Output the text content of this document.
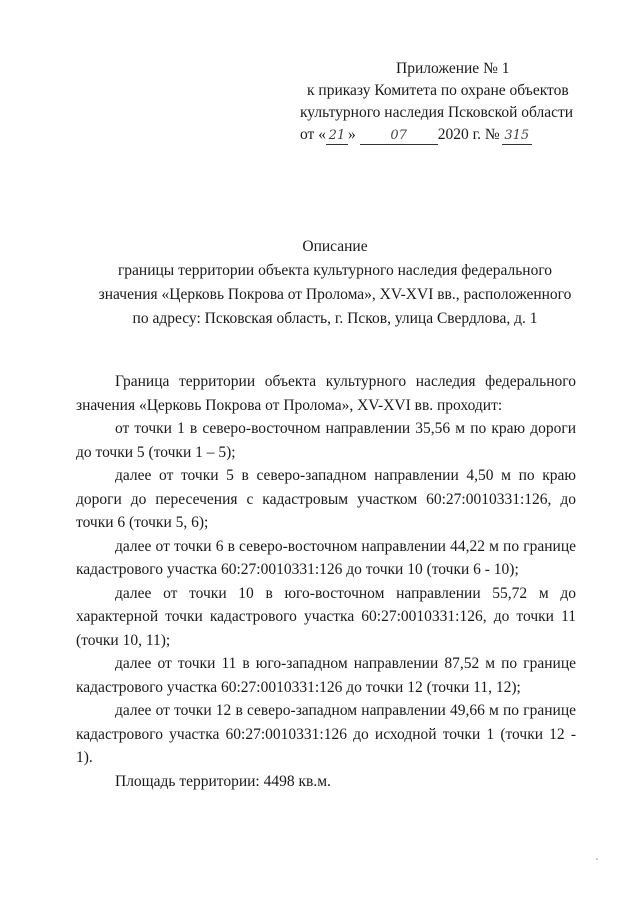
Приложение № 1
к приказу Комитета по охране объектов
культурного наследия Псковской области
от « 21 »	07 2020 г. № 315
Описание
границы территории объекта культурного наследия федерального
значения «Церковь Покрова от Пролома», XV-XVI вв., расположенного
по адресу: Псковская область, г. Псков, улица Свердлова, д. 1

Граница территории объекта культурного наследия федерального значения «Церковь Покрова от Пролома», XV-XVI вв. проходит:

от точки 1 в северо-восточном направлении 35,56 м по краю дороги до точки 5 (точки 1 – 5);

далее от точки 5 в северо-западном направлении 4,50 м по краю дороги до пересечения с кадастровым участком 60:27:0010331:126, до точки 6 (точки 5, 6);

далее от точки 6 в северо-восточном направлении 44,22 м по границе кадастрового участка 60:27:0010331:126 до точки 10 (точки 6 - 10);

далее от точки 10 в юго-восточном направлении 55,72 м до характерной точки кадастрового участка 60:27:0010331:126, до точки 11 (точки 10, 11);

далее от точки 11 в юго-западном направлении 87,52 м по границе кадастрового участка 60:27:0010331:126 до точки 12 (точки 11, 12);

далее от точки 12 в северо-западном направлении 49,66 м по границе кадастрового участка 60:27:0010331:126 до исходной точки 1 (точки 12 - 1).

Площадь территории: 4498 кв.м.
